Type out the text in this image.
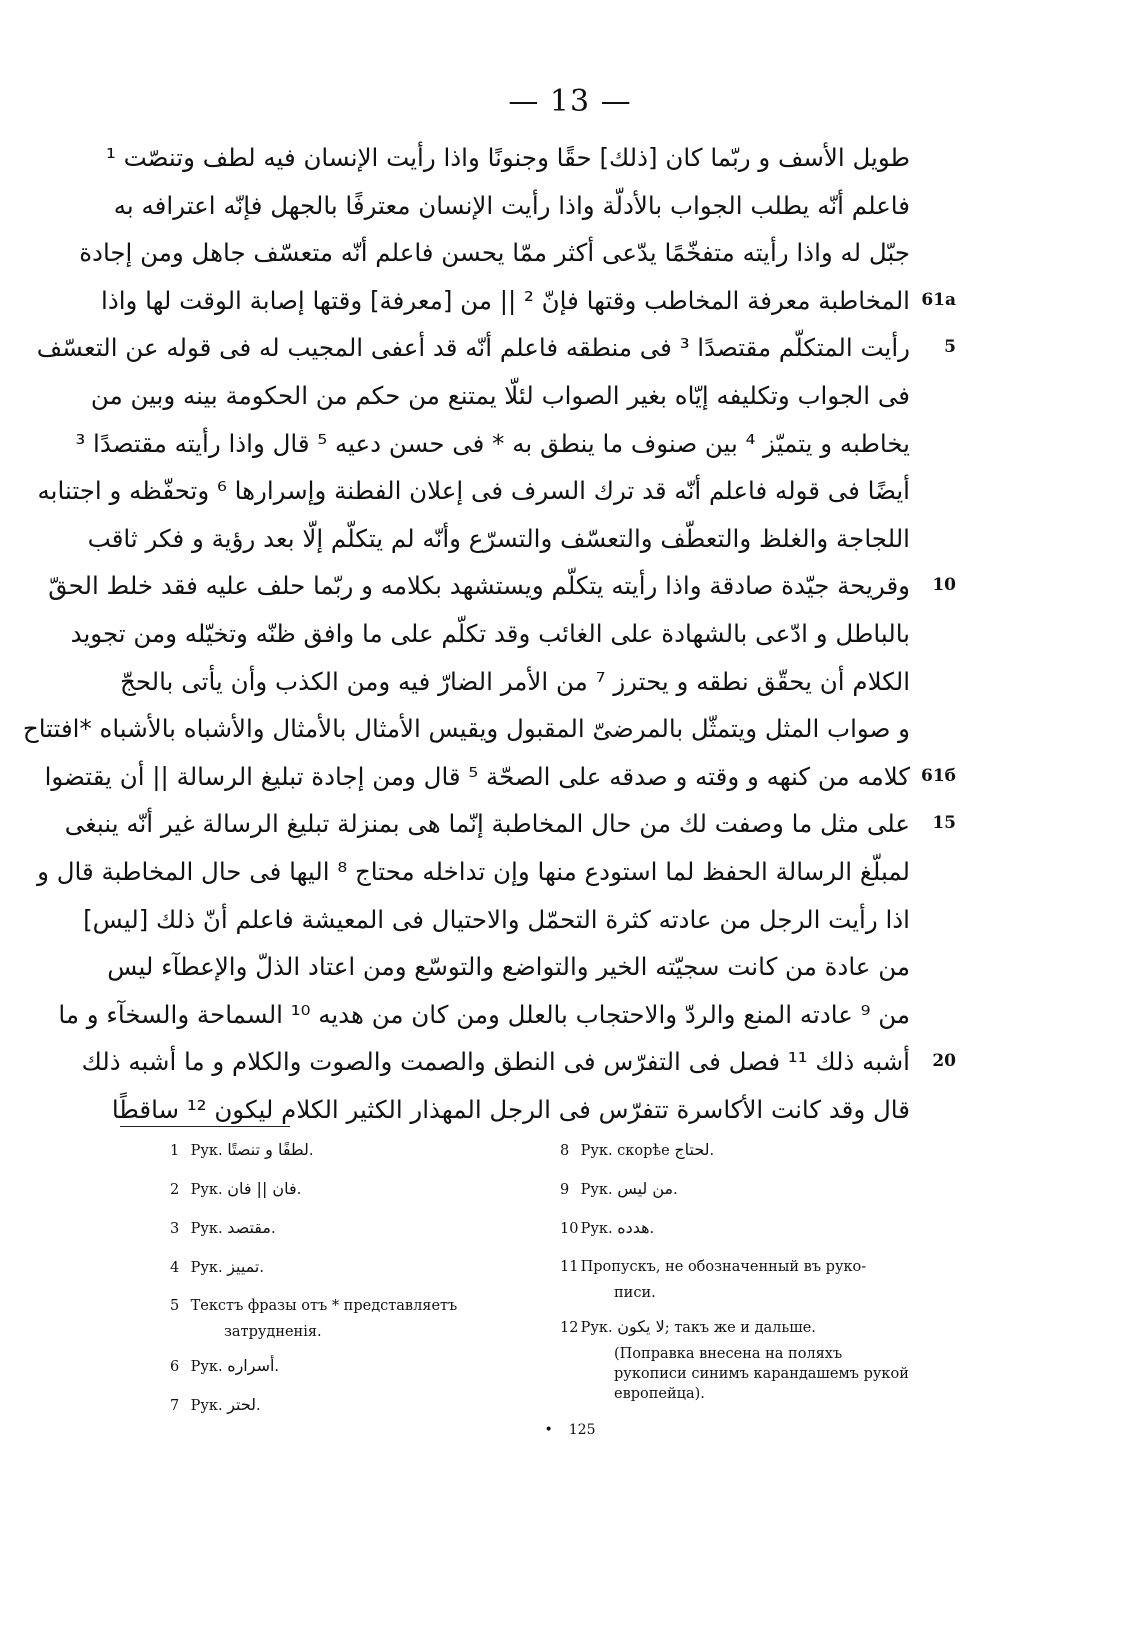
— 13 —
طويل الأسف و ربّما كان [ذلك] حقًا وجنونًا واذا رأيت الإنسان فيه لطف وتنصّت ¹
فاعلم أنّه يطلب الجواب بالأدلّة واذا رأيت الإنسان معترفًا بالجهل فإنّه اعترافه به
جبّل له واذا رأيته متفخّمًا يدّعى أكثر ممّا يحسن فاعلم أنّه متعسّف جاهل ومن إجادة
المخاطبة معرفة المخاطب وقتها فإنّ ² || من [معرفة] وقتها إصابة الوقت لها واذا 61a
رأيت المتكلّم مقتصدًا ³ فى منطقه فاعلم أنّه قد أعفى المجيب له فى قوله عن التعسّف	5
فى الجواب وتكليفه إيّاه بغير الصواب لئلّا يمتنع من حكم من الحكومة بينه وبين من
يخاطبه و يتميّز ⁴ بين صنوف ما ينطق به * فى حسن دعيه ⁵ قال واذا رأيته مقتصدًا ³
أيضًا فى قوله فاعلم أنّه قد ترك السرف فى إعلان الفطنة وإسرارها ⁶ وتحفّظه و اجتنابه
اللجاجة والغلظ والتعطّف والتعسّف والتسرّع وأنّه لم يتكلّم إلّا بعد رؤية و فكر ثاقب
وقريحة جيّدة صادقة واذا رأيته يتكلّم ويستشهد بكلامه و ربّما حلف عليه فقد خلط الحقّ	10
بالباطل و ادّعى بالشهادة على الغائب وقد تكلّم على ما وافق ظنّه وتخيّله ومن تجويد
الكلام أن يحقّق نطقه و يحترز ⁷ من الأمر الضارّ فيه ومن الكذب وأن يأتى بالحجّ
و صواب المثل ويتمثّل بالمرضىّ المقبول ويقيس الأمثال بالأمثال والأشباه بالأشباه *افتتاح
كلامه من كنهه و وقته و صدقه على الصحّة ⁵ قال ومن إجادة تبليغ الرسالة || أن يقتضوا 61б
على مثل ما وصفت لك من حال المخاطبة إنّما هى بمنزلة تبليغ الرسالة غير أنّه ينبغى	15
لمبلّغ الرسالة الحفظ لما استودع منها وإن تداخله محتاج ⁸ اليها فى حال المخاطبة قال و
اذا رأيت الرجل من عادته كثرة التحمّل والاحتيال فى المعيشة فاعلم أنّ ذلك [ليس]
من عادة من كانت سجيّته الخير والتواضع والتوسّع ومن اعتاد الذلّ والإعطآء ليس
من ⁹ عادته المنع والردّ والاحتجاب بالعلل ومن كان من هديه ¹⁰ السماحة والسخآء و ما
أشبه ذلك ¹¹ فصل فى التفرّس فى النطق والصمت والصوت والكلام و ما أشبه ذلك	20
قال وقد كانت الأكاسرة تتفرّس فى الرجل المهذار الكثير الكلام ليكون ¹² ساقطًا
1 Рук. لطفًا و تنصتًا.
2 Рук. فان || فان.
3 Рук. مقتصد.
4 Рук. تمييز.
5 Текстъ фразы отъ * представляетъ
затрудненія.
6 Рук. أسراره.
7 Рук. لحتر.
8 Рук. скорѣе لحتاج.
9 Рук. من ليس.
10 Рук. هدده.
11 Пропускъ, не обозначенный въ руко-
писи.
12 Рук. لا يكون; такъ же и дальше.
(Поправка внесена на поляхъ рукописи синимъ карандашемъ рукой европейца).
• 125
